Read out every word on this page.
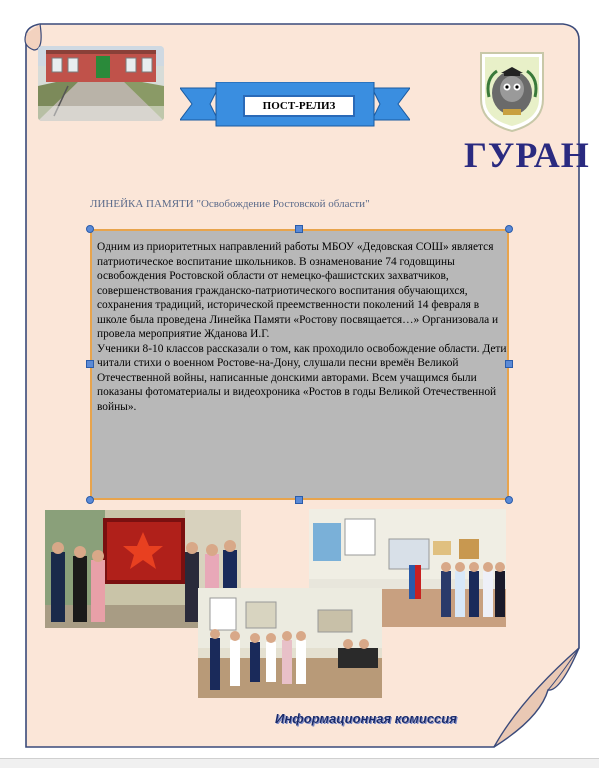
ПОСТ-РЕЛИЗ
ГУРАН
ЛИНЕЙКА ПАМЯТИ "Освобождение Ростовской области"
Одним из приоритетных направлений работы МБОУ «Дедовская СОШ» является патриотическое воспитание школьников. В ознаменование 74 годовщины освобождения Ростовской области от немецко-фашистских захватчиков, совершенствования гражданско-патриотического воспитания обучающихся, сохранения традиций, исторической преемственности поколений 14 февраля в школе была проведена Линейка Памяти «Ростову посвящается…» Организовала и провела мероприятие Жданова И.Г.
Ученики 8-10 классов рассказали о том, как проходило освобождение области. Дети читали стихи о военном Ростове-на-Дону, слушали песни времён Великой Отечественной войны, написанные донскими авторами. Всем учащимся были показаны фотоматериалы и видеохроника «Ростов в годы Великой Отечественной войны».
Информационная комиссия
